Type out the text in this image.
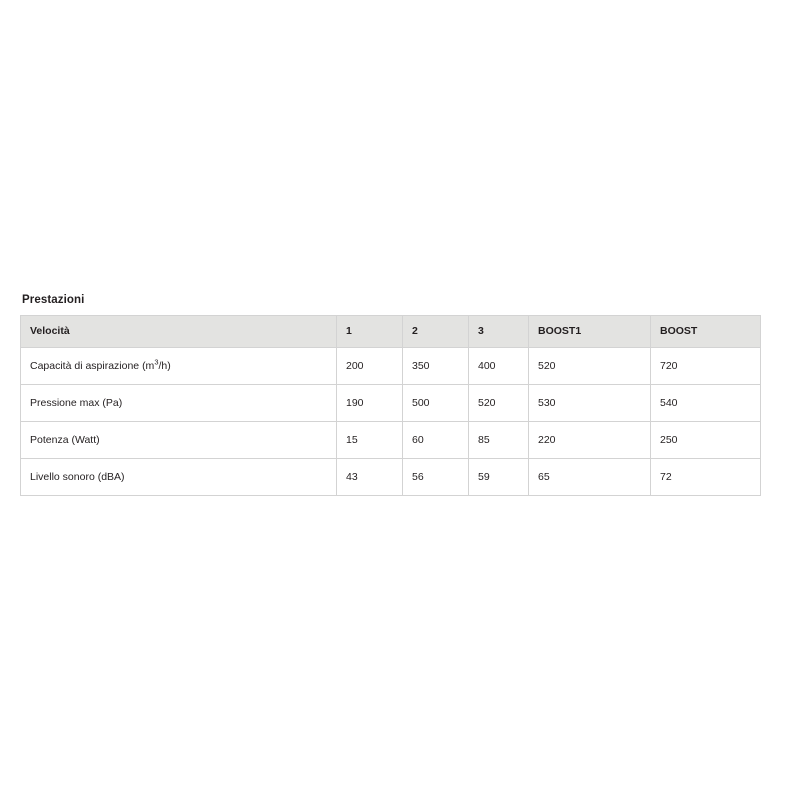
Prestazioni
Velocità	1	2	3	BOOST1	BOOST

Capacità di aspirazione $(m^3/h)$	200	350	400	520	720

Pressione max (Pa)	190	500	520	530	540

Potenza (Watt)	15	60	85	220	250

Livello sonoro (dBA)	43	56	59	65	72
